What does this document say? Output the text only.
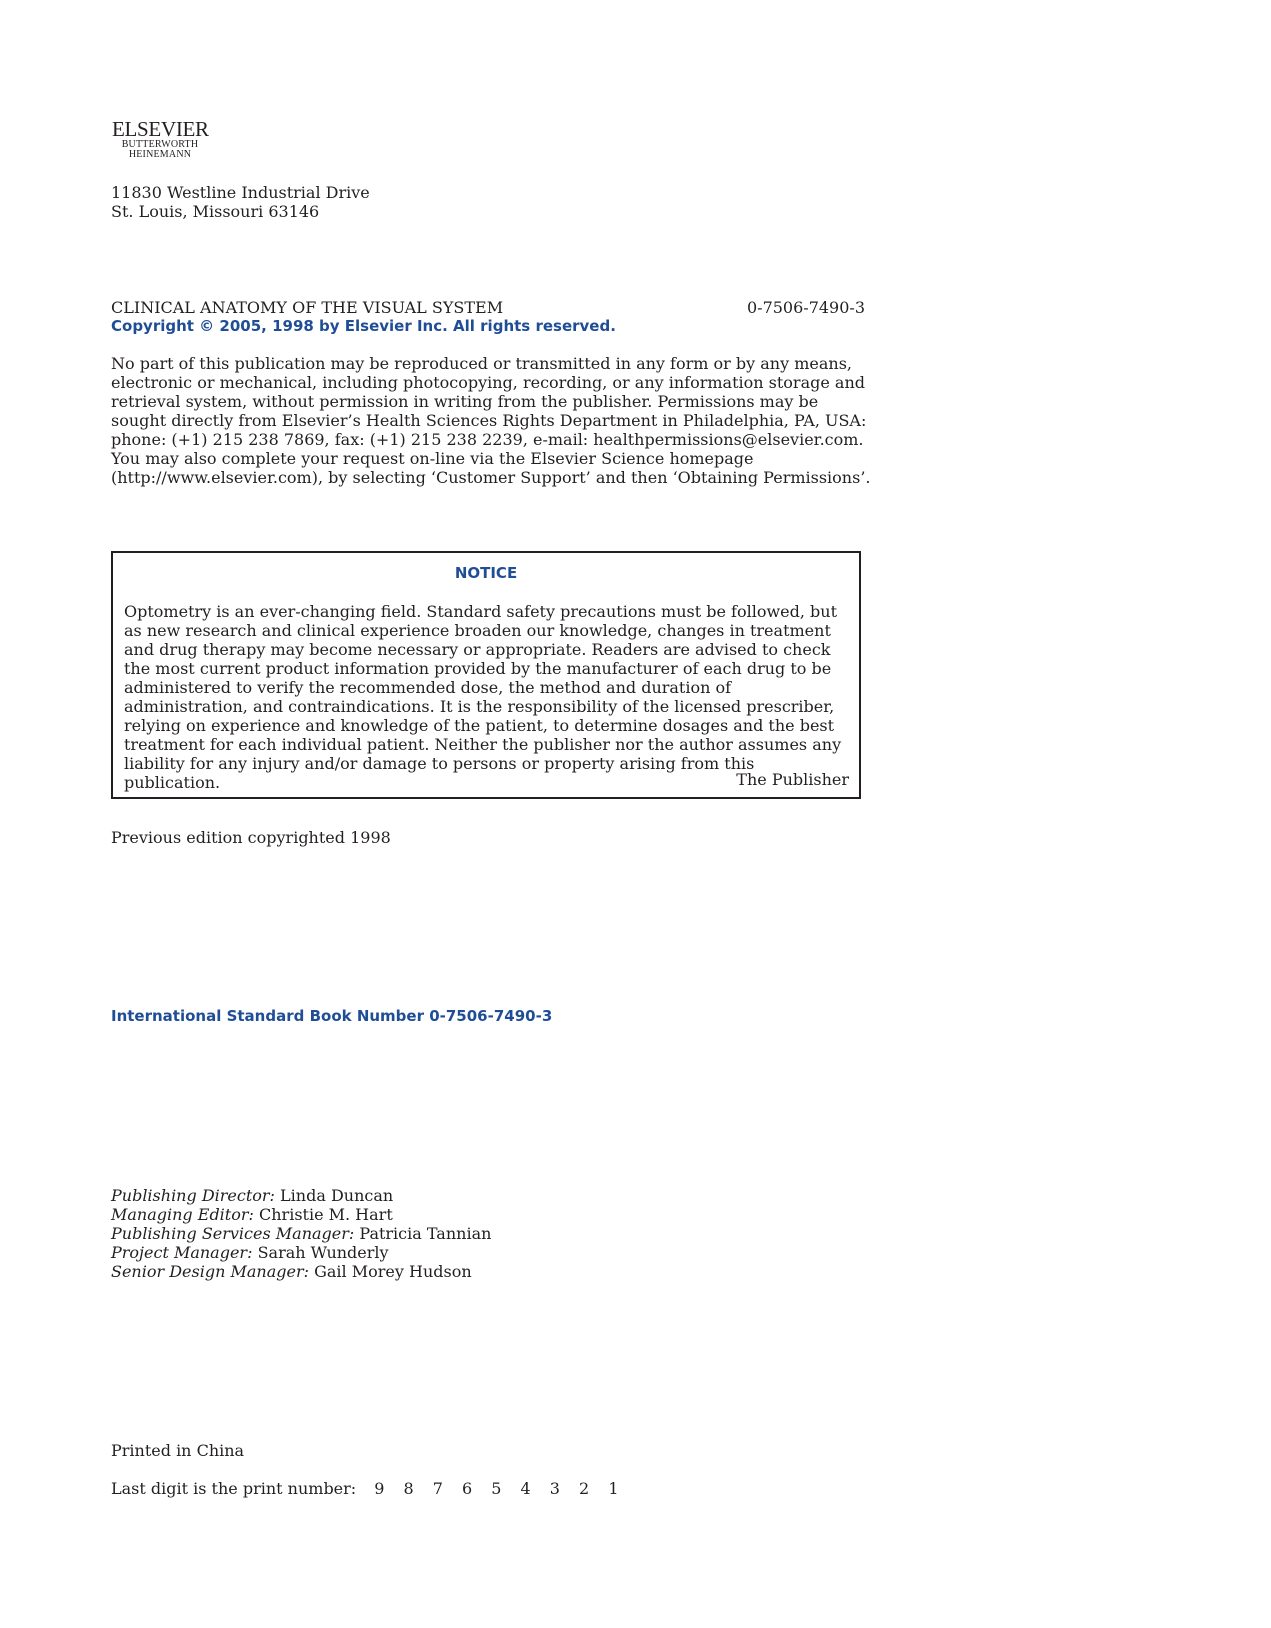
ELSEVIER
BUTTERWORTH
HEINEMANN
11830 Westline Industrial Drive
St. Louis, Missouri 63146
CLINICAL ANATOMY OF THE VISUAL SYSTEM	0-7506-7490-3
Copyright © 2005, 1998 by Elsevier Inc. All rights reserved.

No part of this publication may be reproduced or transmitted in any form or by any means, electronic or mechanical, including photocopying, recording, or any information storage and retrieval system, without permission in writing from the publisher. Permissions may be sought directly from Elsevier’s Health Sciences Rights Department in Philadelphia, PA, USA: phone: (+1) 215 238 7869, fax: (+1) 215 238 2239, e-mail: healthpermissions@elsevier.com. You may also complete your request on-line via the Elsevier Science homepage (http://www.elsevier.com), by selecting ‘Customer Support’ and then ‘Obtaining Permissions’.

NOTICE

Optometry is an ever-changing field. Standard safety precautions must be followed, but as new research and clinical experience broaden our knowledge, changes in treatment and drug therapy may become necessary or appropriate. Readers are advised to check the most current product information provided by the manufacturer of each drug to be administered to verify the recommended dose, the method and duration of administration, and contraindications. It is the responsibility of the licensed prescriber, relying on experience and knowledge of the patient, to determine dosages and the best treatment for each individual patient. Neither the publisher nor the author assumes any liability for any injury and/or damage to persons or property arising from this publication.	The Publisher
Previous edition copyrighted 1998
International Standard Book Number 0-7506-7490-3
Publishing Director: Linda Duncan
Managing Editor: Christie M. Hart
Publishing Services Manager: Patricia Tannian
Project Manager: Sarah Wunderly
Senior Design Manager: Gail Morey Hudson
Printed in China
Last digit is the print number: 9 8 7 6 5 4 3 2 1
